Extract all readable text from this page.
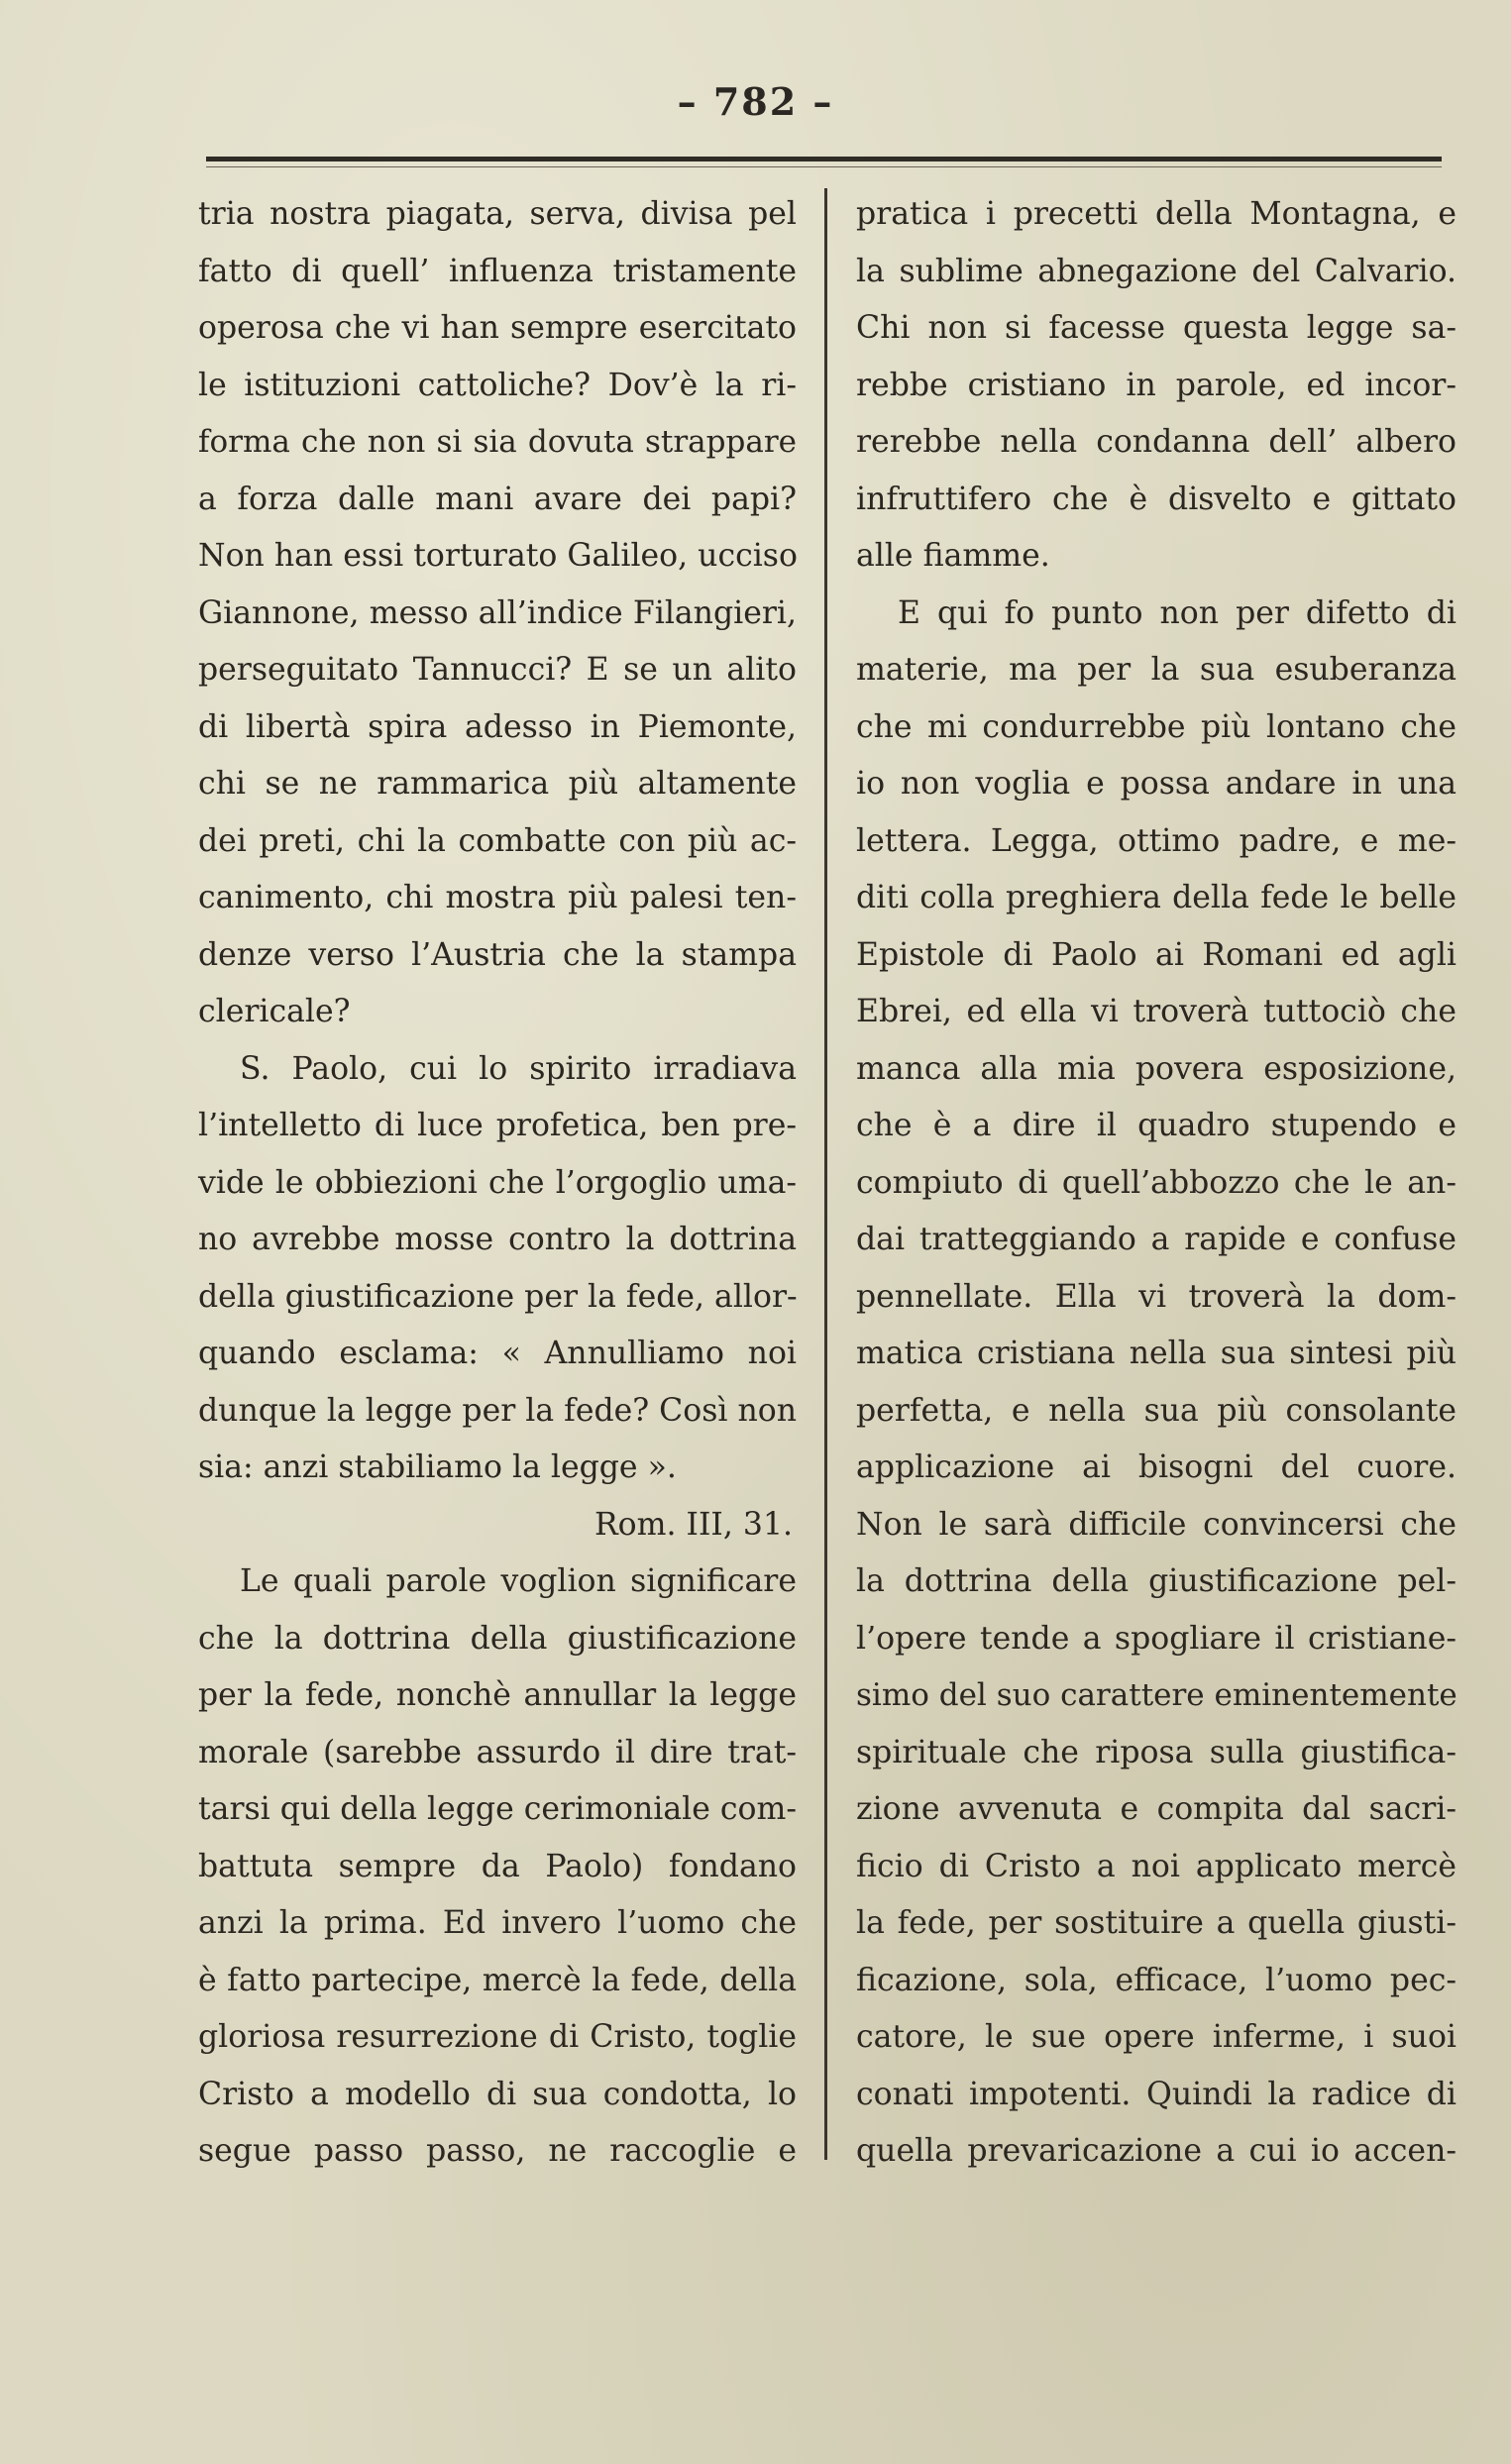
– 782 –
tria nostra piagata, serva, divisa pel
fatto di quell’ influenza tristamente
operosa che vi han sempre esercitato
le istituzioni cattoliche? Dov’è la ri-
forma che non si sia dovuta strappare
a forza dalle mani avare dei papi?
Non han essi torturato Galileo, ucciso
Giannone, messo all’indice Filangieri,
perseguitato Tannucci? E se un alito
di libertà spira adesso in Piemonte,
chi se ne rammarica più altamente
dei preti, chi la combatte con più ac-
canimento, chi mostra più palesi ten-
denze verso l’Austria che la stampa
clericale?
S. Paolo, cui lo spirito irradiava
l’intelletto di luce profetica, ben pre-
vide le obbiezioni che l’orgoglio uma-
no avrebbe mosse contro la dottrina
della giustificazione per la fede, allor-
quando esclama: « Annulliamo noi
dunque la legge per la fede? Così non
sia: anzi stabiliamo la legge ».
Rom. III, 31.
Le quali parole voglion significare
che la dottrina della giustificazione
per la fede, nonchè annullar la legge
morale (sarebbe assurdo il dire trat-
tarsi qui della legge cerimoniale com-
battuta sempre da Paolo) fondano
anzi la prima. Ed invero l’uomo che
è fatto partecipe, mercè la fede, della
gloriosa resurrezione di Cristo, toglie
Cristo a modello di sua condotta, lo
segue passo passo, ne raccoglie e
pratica i precetti della Montagna, e
la sublime abnegazione del Calvario.
Chi non si facesse questa legge sa-
rebbe cristiano in parole, ed incor-
rerebbe nella condanna dell’ albero
infruttifero che è disvelto e gittato
alle fiamme.
E qui fo punto non per difetto di
materie, ma per la sua esuberanza
che mi condurrebbe più lontano che
io non voglia e possa andare in una
lettera. Legga, ottimo padre, e me-
diti colla preghiera della fede le belle
Epistole di Paolo ai Romani ed agli
Ebrei, ed ella vi troverà tuttociò che
manca alla mia povera esposizione,
che è a dire il quadro stupendo e
compiuto di quell’abbozzo che le an-
dai tratteggiando a rapide e confuse
pennellate. Ella vi troverà la dom-
matica cristiana nella sua sintesi più
perfetta, e nella sua più consolante
applicazione ai bisogni del cuore.
Non le sarà difficile convincersi che
la dottrina della giustificazione pel-
l’opere tende a spogliare il cristiane-
simo del suo carattere eminentemente
spirituale che riposa sulla giustifica-
zione avvenuta e compita dal sacri-
ficio di Cristo a noi applicato mercè
la fede, per sostituire a quella giusti-
ficazione, sola, efficace, l’uomo pec-
catore, le sue opere inferme, i suoi
conati impotenti. Quindi la radice di
quella prevaricazione a cui io accen-
